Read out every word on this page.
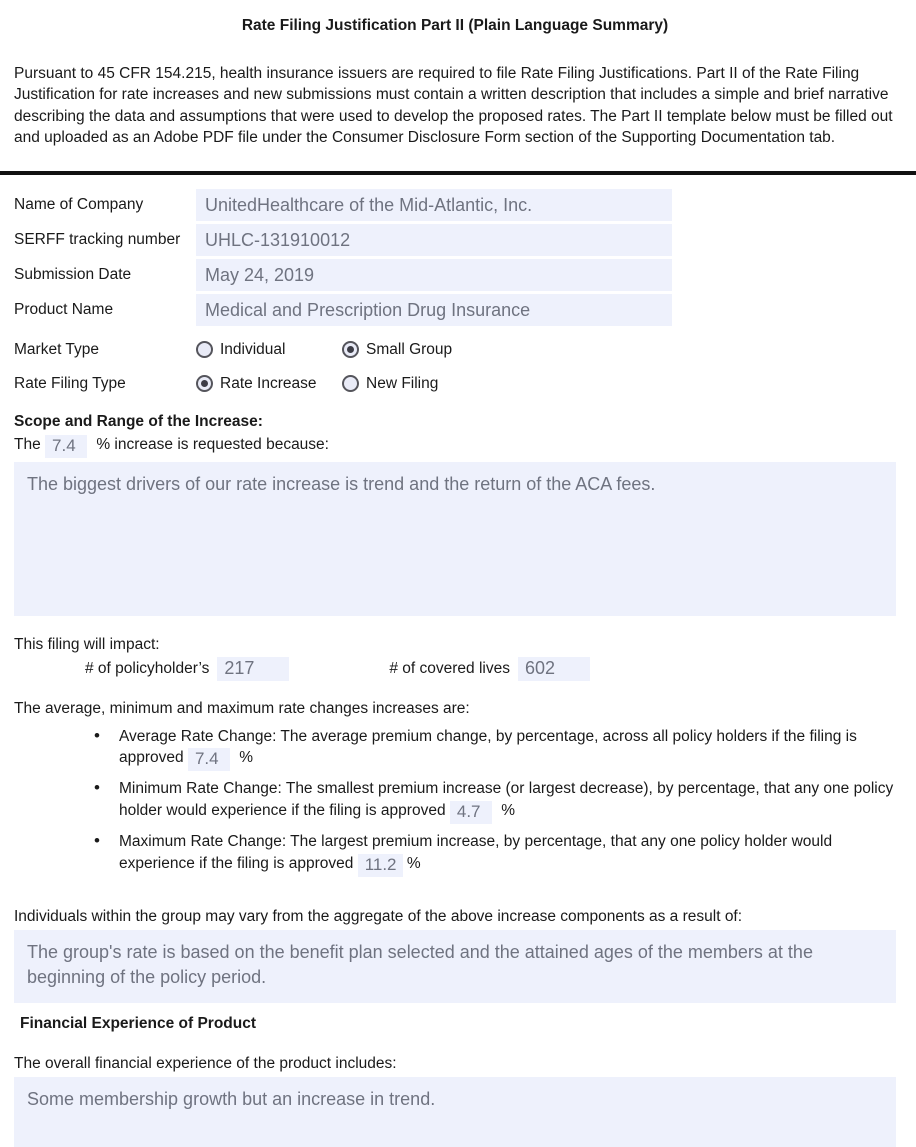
Rate Filing Justification Part II (Plain Language Summary)
Pursuant to 45 CFR 154.215, health insurance issuers are required to file Rate Filing Justifications. Part II of the Rate Filing Justification for rate increases and new submissions must contain a written description that includes a simple and brief narrative describing the data and assumptions that were used to develop the proposed rates. The Part II template below must be filled out and uploaded as an Adobe PDF file under the Consumer Disclosure Form section of the Supporting Documentation tab.
Name of Company	UnitedHealthcare of the Mid-Atlantic, Inc.
SERFF tracking number	UHLC-131910012
Submission Date	May 24, 2019
Product Name	Medical and Prescription Drug Insurance
Market Type	Individual	Small Group
Rate Filing Type	Rate Increase	New Filing
Scope and Range of the Increase:
The 7.4 % increase is requested because:
The biggest drivers of our rate increase is trend and the return of the ACA fees.
This filing will impact:
# of policyholder’s 217	# of covered lives 602
The average, minimum and maximum rate changes increases are:
• Average Rate Change: The average premium change, by percentage, across all policy holders if the filing is approved 7.4 %
• Minimum Rate Change: The smallest premium increase (or largest decrease), by percentage, that any one policy holder would experience if the filing is approved 4.7 %
• Maximum Rate Change: The largest premium increase, by percentage, that any one policy holder would experience if the filing is approved 11.2 %
Individuals within the group may vary from the aggregate of the above increase components as a result of:
The group's rate is based on the benefit plan selected and the attained ages of the members at the beginning of the policy period.
Financial Experience of Product
The overall financial experience of the product includes:
Some membership growth but an increase in trend.
